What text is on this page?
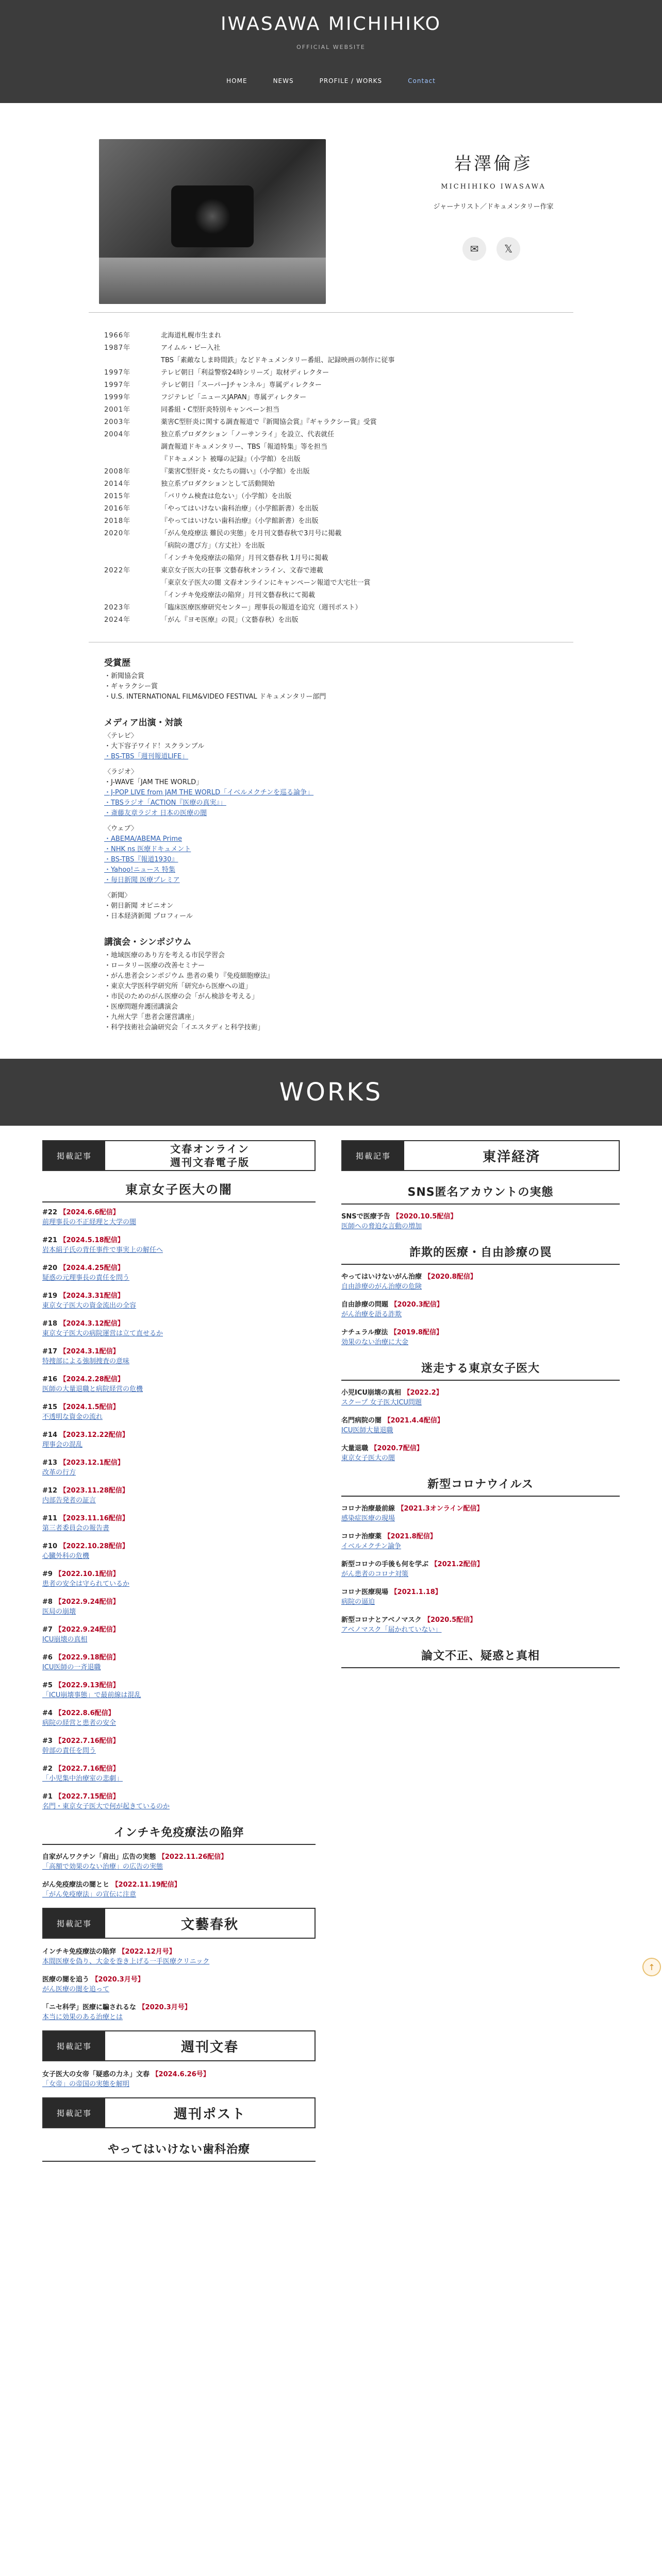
IWASAWA MICHIHIKO
OFFICIAL WEBSITE
HOME	NEWS	PROFILE / WORKS	Contact
岩澤倫彦
MICHIHIKO IWASAWA
ジャーナリスト／ドキュメンタリー作家
✉	𝕏
1966年	北海道札幌市生まれ
1987年	アイムル・ピー入社
TBS「素敵なしま時間鉄」などドキュメンタリー番組、記録映画の制作に従事
1997年	テレビ朝日「利益警察24時シリーズ」取材ディレクター
1997年	テレビ朝日「スーパーJチャンネル」専属ディレクター
1999年	フジテレビ「ニュースJAPAN」専属ディレクター
2001年	同番組・C型肝炎特別キャンペーン担当
2003年	薬害C型肝炎に関する調査報道で『新聞協会賞』『ギャラクシー賞』受賞
2004年	独立系プロダクション「ノーサンライ」を設立、代表就任
調査報道ドキュメンタリー、TBS「報道特集」等を担当
『ドキュメント 被曝の記録』（小学館）を出版
2008年	『薬害C型肝炎・女たちの闘い』（小学館）を出版
2014年	独立系プロダクションとして活動開始
2015年	「バリウム検査は危ない」（小学館）を出版
2016年	「やってはいけない歯科治療」（小学館新書）を出版
2018年	『やってはいけない歯科治療』（小学館新書）を出版
2020年	「がん免疫療法 難民の実態」を月刊文藝春秋で3月号に掲載
「病院の選び方」（方丈社）を出版
「インチキ免疫療法の陥穽」月刊文藝春秋 1月号に掲載
2022年	東京女子医大の狂事 文藝春秋オンライン、文春で連載
「東京女子医大の闇 文春オンラインにキャンペーン報道で大宅壮一賞
「インチキ免疫療法の陥穽」月刊文藝春秋にて掲載
2023年	「臨床医療医療研究センター」理事長の報道を追究（週刊ポスト）
2024年	「がん『ヨモ医療』の罠」（文藝春秋）を出版
受賞歴
・新聞協会賞
・ギャラクシー賞
・U.S. INTERNATIONAL FILM&VIDEO FESTIVAL ドキュメンタリー部門
メディア出演・対談
〈テレビ〉
・大下容子ワイド！スクランブル
・BS-TBS「週刊報道LIFE」
〈ラジオ〉
・J-WAVE「JAM THE WORLD」
・J-POP LIVE from JAM THE WORLD「イベルメクチンを巡る論争」
・TBSラジオ「ACTION『医療の真実』」
・斎藤友章ラジオ 日本の医療の闇
〈ウェブ〉
・ABEMA/ABEMA Prime
・NHK ns 医療ドキュメント
・BS-TBS『報道1930』
・Yahoo!ニュース 特集
・毎日新聞 医療プレミア
〈新聞〉
・朝日新聞 オピニオン
・日本経済新聞 プロフィール
講演会・シンポジウム
・地域医療のあり方を考える市民学習会
・ロータリー医療の改善セミナー
・がん患者会シンポジウム 患者の乗り『免疫細胞療法』
・東京大学医科学研究所「研究から医療への道」
・市民のためのがん医療の会「がん検診を考える」
・医療問題弁護団講演会
・九州大学「患者会運営講座」
・科学技術社会論研究会「イエスタディと科学技術」
WORKS
掲載記事
文春オンライン
週刊文春電子版
東京女子医大の闇
#22 【2024.6.6配信】
前理事長の不正経理と大学の闇
#21 【2024.5.18配信】
岩本絹子氏の背任事件で事実上の解任へ
#20 【2024.4.25配信】
疑惑の元理事長の責任を問う
#19 【2024.3.31配信】
東京女子医大の資金流出の全容
#18 【2024.3.12配信】
東京女子医大の病院運営は立て直せるか
#17 【2024.3.1配信】
特捜部による強制捜査の意味
#16 【2024.2.28配信】
医師の大量退職と病院経営の危機
#15 【2024.1.5配信】
不透明な資金の流れ
#14 【2023.12.22配信】
理事会の混乱
#13 【2023.12.1配信】
改革の行方
#12 【2023.11.28配信】
内部告発者の証言
#11 【2023.11.16配信】
第三者委員会の報告書
#10 【2022.10.28配信】
心臓外科の危機
#9 【2022.10.1配信】
患者の安全は守られているか
#8 【2022.9.24配信】
医局の崩壊
#7 【2022.9.24配信】
ICU崩壊の真相
#6 【2022.9.18配信】
ICU医師の一斉退職
#5 【2022.9.13配信】
「ICU崩壊事態」で最前線は混乱
#4 【2022.8.6配信】
病院の経営と患者の安全
#3 【2022.7.16配信】
幹部の責任を問う
#2 【2022.7.16配信】
「小児集中治療室の悲劇」
#1 【2022.7.15配信】
名門・東京女子医大で何が起きているのか
インチキ免疫療法の陥穽
自家がんワクチン「肩出」広告の実態 【2022.11.26配信】
「高額で効果のない治療」の広告の実態
がん免疫療法の闇とヒ 【2022.11.19配信】
「がん免疫療法」の宣伝に注意
掲載記事	文藝春秋
インチキ免疫療法の陥穽 【2022.12月号】
本間医療を偽り、大金を巻き上げる一手医療クリニック
医療の闇を追う 【2020.3月号】
がん医療の闇を追って
「ニセ科学」医療に騙されるな 【2020.3月号】
本当に効果のある治療とは
掲載記事	週刊文春
女子医大の女帝「疑惑の力ネ」文春 【2024.6.26号】
「女帝」の帝国の実態を解明
掲載記事	週刊ポスト
やってはいけない歯科治療
掲載記事	東洋経済
SNS匿名アカウントの実態
SNSで医療予告 【2020.10.5配信】
医師への脅迫な言動の増加
詐欺的医療・自由診療の罠
やってはいけないがん治療 【2020.8配信】
自由診療のがん治療の危険
自由診療の問題 【2020.3配信】
がん治療を語る詐欺
ナチュラル療法 【2019.8配信】
効果のない治療に大金
迷走する東京女子医大
小児ICU崩壊の真相 【2022.2】
スクープ 女子医大ICU問題
名門病院の闇 【2021.4.4配信】
ICU医師大量退職
大量退職 【2020.7配信】
東京女子医大の闇
新型コロナウイルス
コロナ治療最前線 【2021.3オンライン配信】
感染症医療の現場
コロナ治療薬 【2021.8配信】
イベルメクチン論争
新型コロナの手後も何を学ぶ 【2021.2配信】
がん患者のコロナ対策
コロナ医療現場 【2021.1.18】
病院の逼迫
新型コロナとアベノマスク 【2020.5配信】
アベノマスク「届かれていない」
論文不正、疑惑と真相
↑
